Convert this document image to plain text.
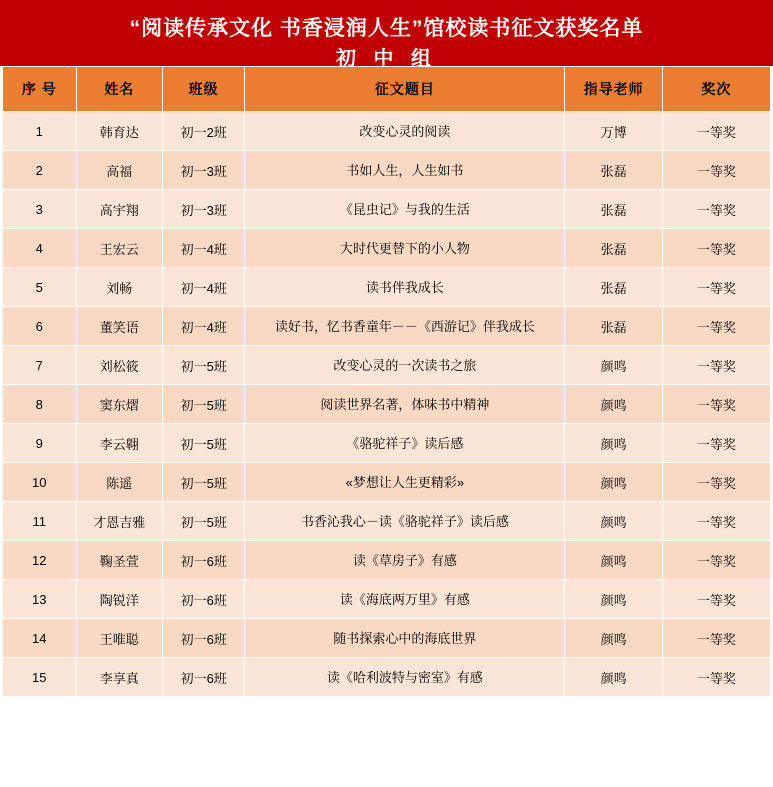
“阅读传承文化 书香浸润人生”馆校读书征文获奖名单
初 中 组
序 号	姓名	班级	征文题目	指导老师	奖次
1	韩育达	初一2班	改变心灵的阅读	万博	一等奖
2	高福	初一3班	书如人生，人生如书	张磊	一等奖
3	高宇翔	初一3班	《昆虫记》与我的生活	张磊	一等奖
4	王宏云	初一4班	大时代更替下的小人物	张磊	一等奖
5	刘畅	初一4班	读书伴我成长	张磊	一等奖
6	董笑语	初一4班	读好书，忆书香童年－－《西游记》伴我成长	张磊	一等奖
7	刘松筱	初一5班	改变心灵的一次读书之旅	颜鸣	一等奖
8	窦东熠	初一5班	阅读世界名著，体味书中精神	颜鸣	一等奖
9	李云翺	初一5班	《骆驼祥子》读后感	颜鸣	一等奖
10	陈遥	初一5班	«梦想让人生更精彩»	颜鸣	一等奖
11	才恩吉雅	初一5班	书香沁我心－读《骆驼祥子》读后感	颜鸣	一等奖
12	鞠圣萱	初一6班	读《草房子》有感	颜鸣	一等奖
13	陶锐洋	初一6班	读《海底两万里》有感	颜鸣	一等奖
14	王唯聪	初一6班	随书探索心中的海底世界	颜鸣	一等奖
15	李享真	初一6班	读《哈利波特与密室》有感	颜鸣	一等奖
